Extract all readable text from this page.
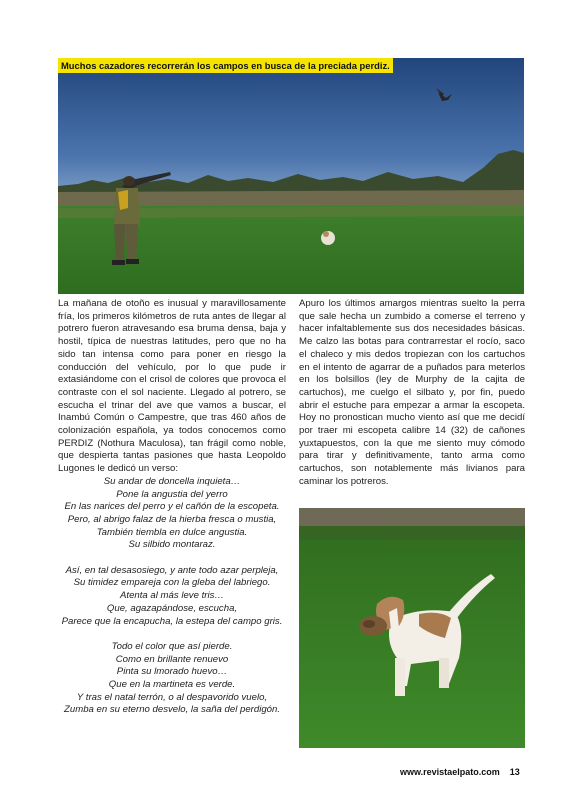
Muchos cazadores recorrerán los campos en busca de la preciada perdiz.

La mañana de otoño es inusual y maravillosamente fría, los primeros kilómetros de ruta antes de llegar al potrero fueron atravesando esa bruma densa, baja y hostil, típica de nuestras latitudes, pero que no ha sido tan intensa como para poner en riesgo la conducción del vehículo, por lo que pude ir extasiándome con el crisol de colores que provoca el contraste con el sol naciente. Llegado al potrero, se escucha el trinar del ave que vamos a buscar, el Inambú Común o Campestre, que tras 460 años de colonización española, ya todos conocemos como PERDIZ (Nothura Maculosa), tan frágil como noble, que despierta tantas pasiones que hasta Leopoldo Lugones le dedicó un verso:

Su andar de doncella inquieta…
Pone la angustia del yerro
En las narices del perro y el cañón de la escopeta.
Pero, al abrigo falaz de la hierba fresca o mustia,
También tiembla en dulce angustia.
Su silbido montaraz.
Así, en tal desasosiego, y ante todo azar perpleja,
Su timidez empareja con la gleba del labriego.
Atenta al más leve tris…
Que, agazapándose, escucha,
Parece que la encapucha, la estepa del campo gris.
Todo el color que así pierde.
Como en brillante renuevo
Pinta su lmorado huevo…
Que en la martineta es verde.
Y tras el natal terrón, o al despavorido vuelo,
Zumba en su eterno desvelo, la saña del perdigón.

Apuro los últimos amargos mientras suelto la perra que sale hecha un zumbido a comerse el terreno y hacer infaltablemente sus dos necesidades básicas. Me calzo las botas para contrarrestar el rocío, saco el chaleco y mis dedos tropiezan con los cartuchos en el intento de agarrar de a puñados para meterlos en los bolsillos (ley de Murphy de la cajita de cartuchos), me cuelgo el silbato y, por fin, puedo abrir el estuche para empezar a armar la escopeta. Hoy no pronostican mucho viento así que me decidí por traer mi escopeta calibre 14 (32) de cañones yuxtapuestos, con la que me siento muy cómodo para tirar y definitivamente, tanto arma como cartuchos, son notablemente más livianos para caminar los potreros.

www.revistaelpato.com 13
